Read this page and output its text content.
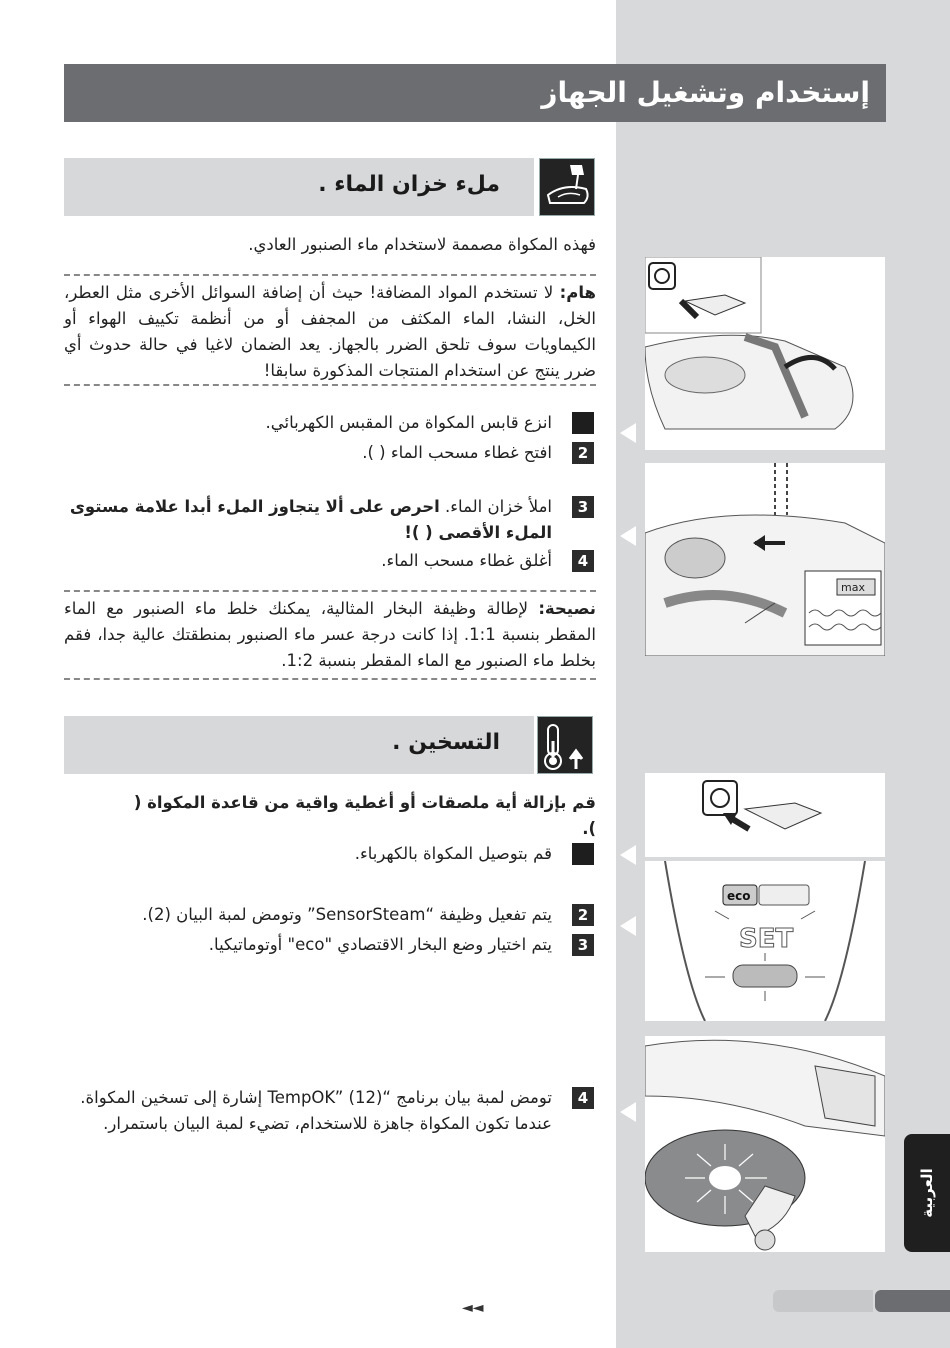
إستخدام وتشغيل الجهاز
ملء خزان الماء .
فهذه المكواة مصممة لاستخدام ماء الصنبور العادي.
هام: لا تستخدم المواد المضافة! حيث أن إضافة السوائل الأخرى مثل العطر، الخل، النشا، الماء المكثف من المجفف أو من أنظمة تكييف الهواء أو الكيماويات سوف تلحق الضرر بالجهاز. يعد الضمان لاغيا في حالة حدوث أي ضرر ينتج عن استخدام المنتجات المذكورة سابقا!
انزع قابس المكواة من المقبس الكهربائي.
2
افتح غطاء مسحب الماء ( ).
3
املأ خزان الماء. احرص على ألا يتجاوز الملء أبدا علامة مستوى الملء الأقصى ( )!
4
أغلق غطاء مسحب الماء.
نصيحة: لإطالة وظيفة البخار المثالية، يمكنك خلط ماء الصنبور مع الماء المقطر بنسبة 1:1. إذا كانت درجة عسر ماء الصنبور بمنطقتك عالية جدا، فقم بخلط ماء الصنبور مع الماء المقطر بنسبة 1:2.
التسخين .
قم بإزالة أية ملصقات أو أغطية واقية من قاعدة المكواة ( ).
قم بتوصيل المكواة بالكهرباء.
2
يتم تفعيل وظيفة “SensorSteam” وتومض لمبة البيان (2).
3
يتم اختيار وضع البخار الاقتصادي "eco" أوتوماتيكيا.
4
تومض لمبة بيان برنامج “TempOK” (12) إشارة إلى تسخين المكواة. عندما تكون المكواة جاهزة للاستخدام، تضيء لمبة البيان باستمرار.
max
eco
SET
العربية
◄◄
